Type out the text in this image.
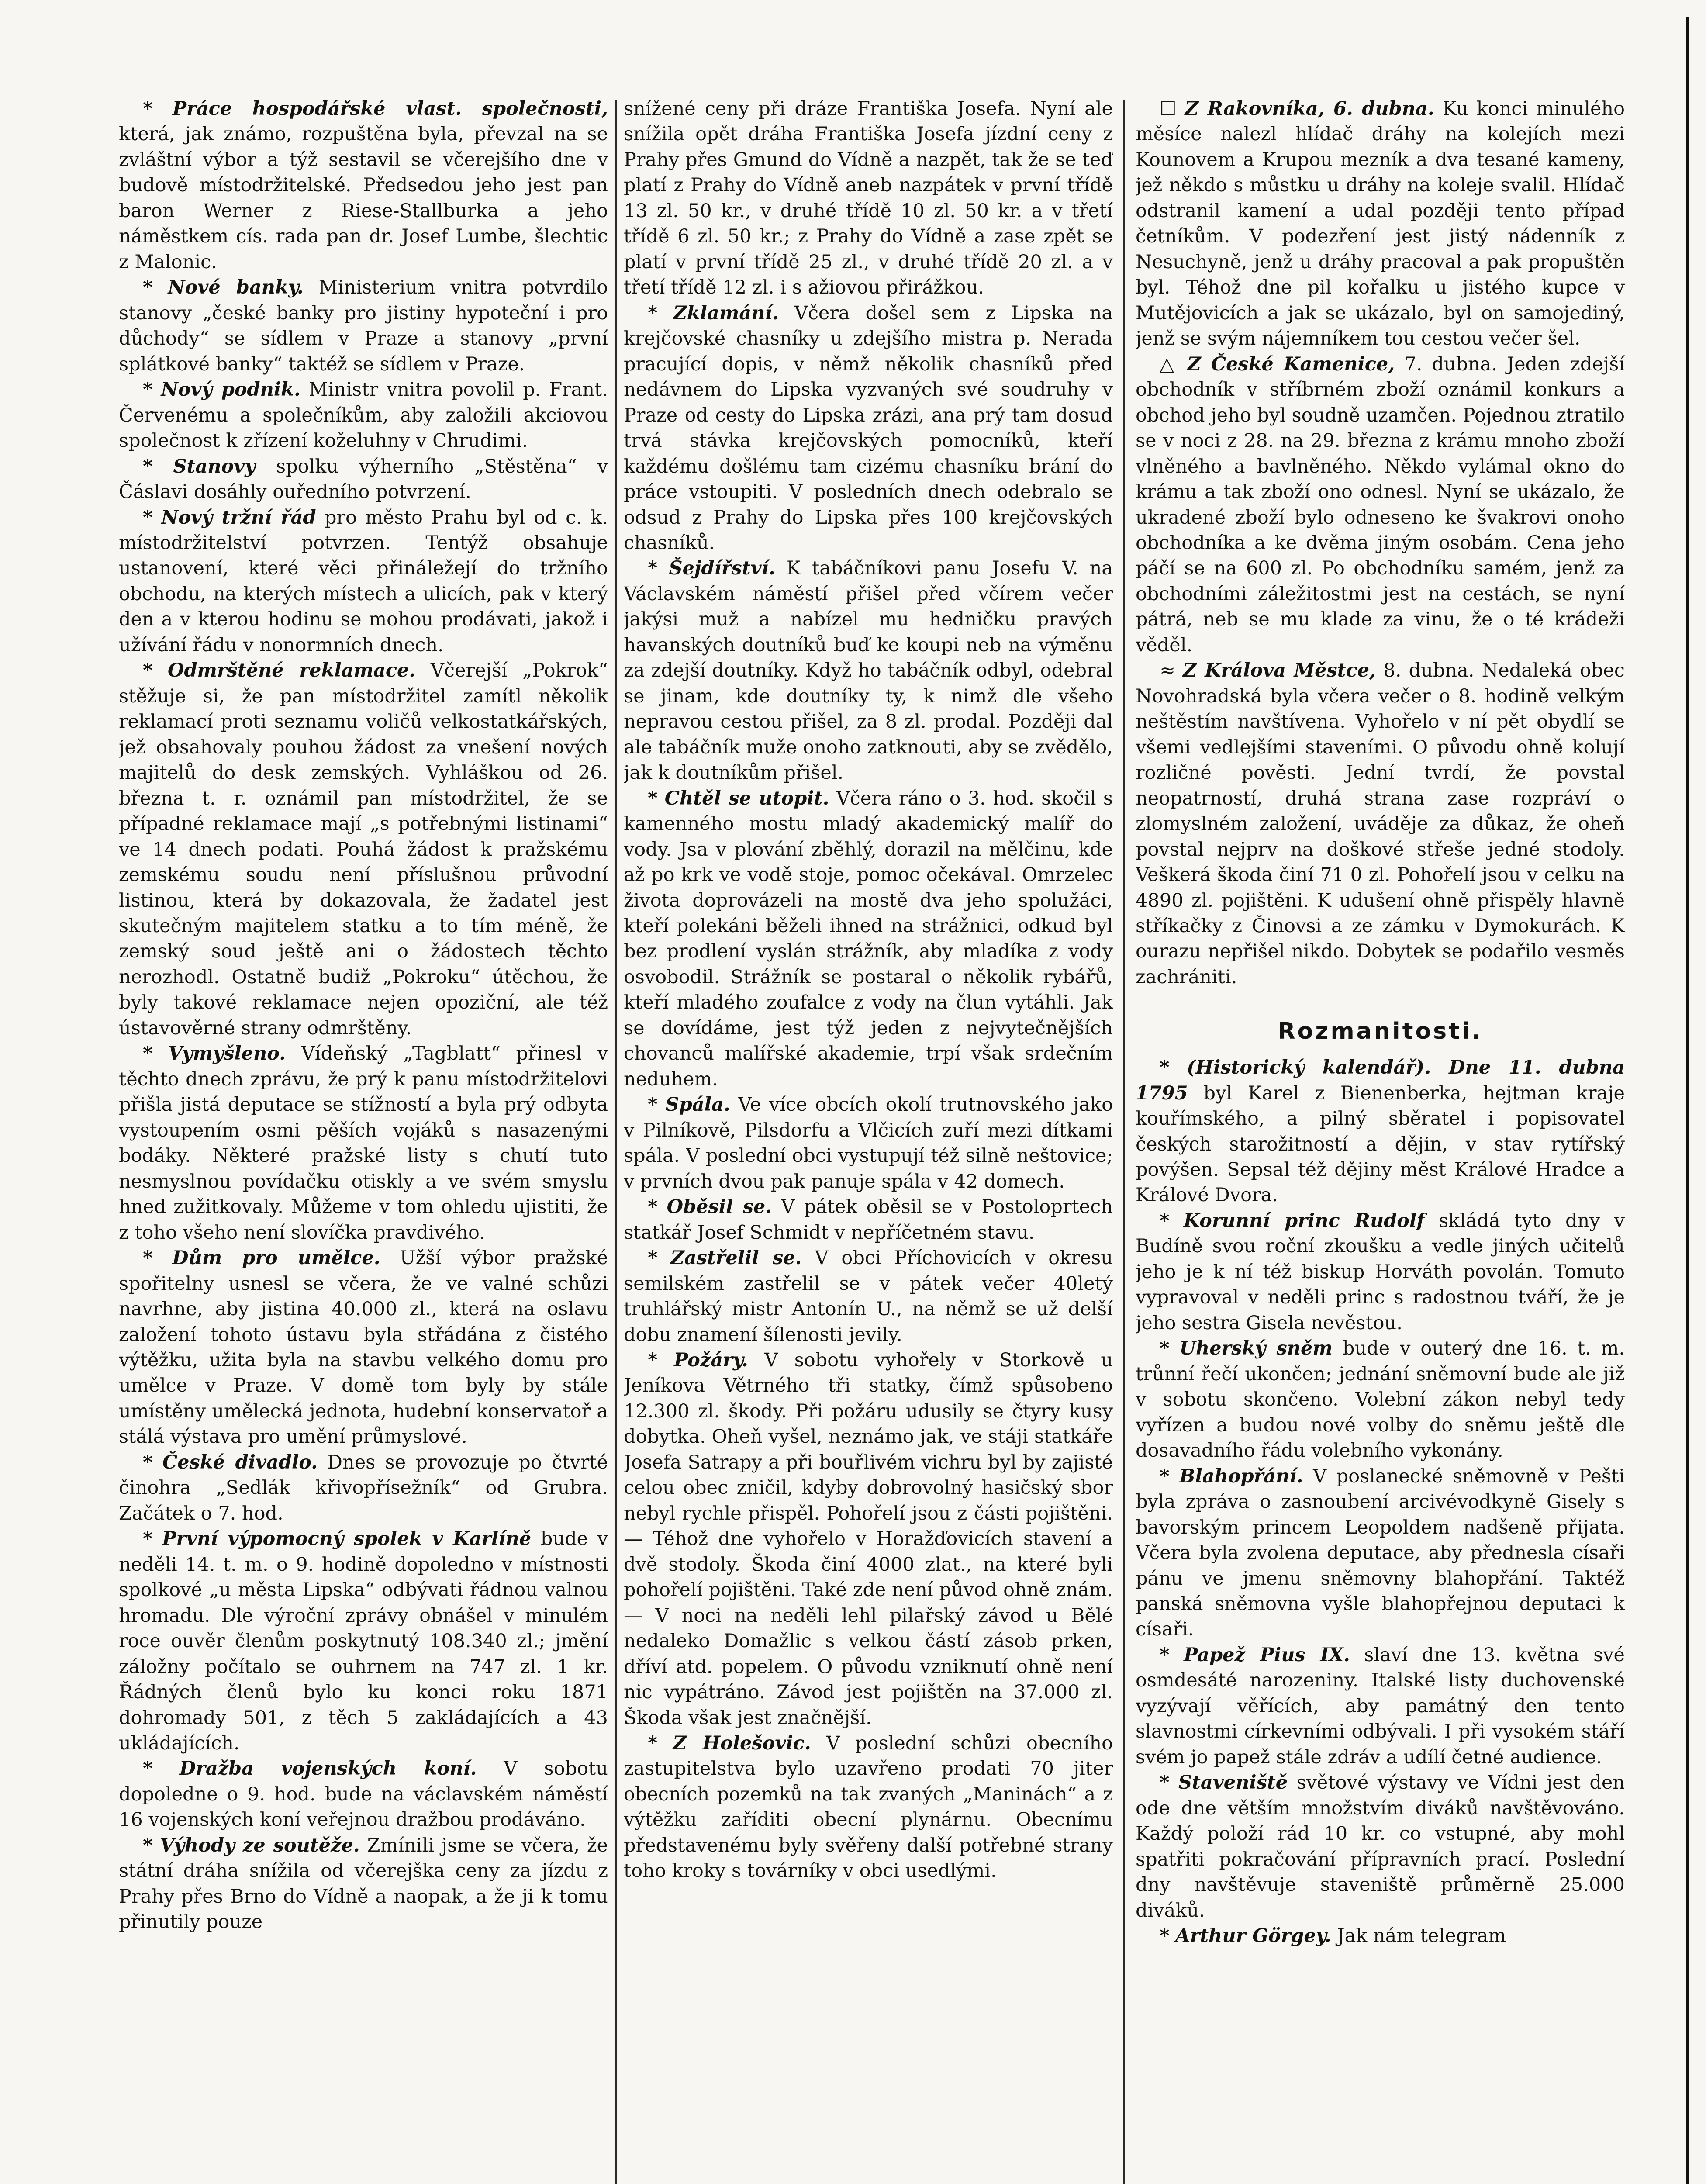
* Práce hospodářské vlast. společnosti, která, jak známo, rozpuštěna byla, převzal na se zvláštní výbor a týž sestavil se včerejšího dne v budově místodržitelské. Předsedou jeho jest pan baron Werner z Riese-Stallburka a jeho náměstkem cís. rada pan dr. Josef Lumbe, šlechtic z Malonic.

* Nové banky. Ministerium vnitra potvrdilo stanovy „české banky pro jistiny hypoteční i pro důchody“ se sídlem v Praze a stanovy „první splátkové banky“ taktéž se sídlem v Praze.

* Nový podnik. Ministr vnitra povolil p. Frant. Červenému a společníkům, aby založili akciovou společnost k zřízení koželuhny v Chrudimi.

* Stanovy spolku výherního „Stěstěna“ v Čáslavi dosáhly ouředního potvrzení.

* Nový tržní řád pro město Prahu byl od c. k. místodržitelství potvrzen. Tentýž obsahuje ustanovení, které věci přináležejí do tržního obchodu, na kterých místech a ulicích, pak v který den a v kterou hodinu se mohou prodávati, jakož i užívání řádu v nonormních dnech.

* Odmrštěné reklamace. Včerejší „Pokrok“ stěžuje si, že pan místodržitel zamítl několik reklamací proti seznamu voličů velkostatkářských, jež obsahovaly pouhou žádost za vnešení nových majitelů do desk zemských. Vyhláškou od 26. března t. r. oznámil pan místodržitel, že se případné reklamace mají „s potřebnými listinami“ ve 14 dnech podati. Pouhá žádost k pražskému zemskému soudu není příslušnou průvodní listinou, která by dokazovala, že žadatel jest skutečným majitelem statku a to tím méně, že zemský soud ještě ani o žádostech těchto nerozhodl. Ostatně budiž „Pokroku“ útěchou, že byly takové reklamace nejen opoziční, ale též ústavověrné strany odmrštěny.

* Vymyšleno. Vídeňský „Tagblatt“ přinesl v těchto dnech zprávu, že prý k panu místodržitelovi přišla jistá deputace se stížností a byla prý odbyta vystoupením osmi pěších vojáků s nasazenými bodáky. Některé pražské listy s chutí tuto nesmyslnou povídačku otiskly a ve svém smyslu hned zužitkovaly. Můžeme v tom ohledu ujistiti, že z toho všeho není slovíčka pravdivého.

* Dům pro umělce. Užší výbor pražské spořitelny usnesl se včera, že ve valné schůzi navrhne, aby jistina 40.000 zl., která na oslavu založení tohoto ústavu byla střádána z čistého výtěžku, užita byla na stavbu velkého domu pro umělce v Praze. V domě tom byly by stále umístěny umělecká jednota, hudební konservatoř a stálá výstava pro umění průmyslové.

* České divadlo. Dnes se provozuje po čtvrté činohra „Sedlák křivopřísežník“ od Grubra. Začátek o 7. hod.

* První výpomocný spolek v Karlíně bude v neděli 14. t. m. o 9. hodině dopoledno v místnosti spolkové „u města Lipska“ odbývati řádnou valnou hromadu. Dle výroční zprávy obnášel v minulém roce ouvěr členům poskytnutý 108.340 zl.; jmění záložny počítalo se ouhrnem na 747 zl. 1 kr. Řádných členů bylo ku konci roku 1871 dohromady 501, z těch 5 zakládajících a 43 ukládajících.

* Dražba vojenských koní. V sobotu dopoledne o 9. hod. bude na václavském náměstí 16 vojenských koní veřejnou dražbou prodáváno.

* Výhody ze soutěže. Zmínili jsme se včera, že státní dráha snížila od včerejška ceny za jízdu z Prahy přes Brno do Vídně a naopak, a že ji k tomu přinutily pouze

snížené ceny při dráze Františka Josefa. Nyní ale snížila opět dráha Františka Josefa jízdní ceny z Prahy přes Gmund do Vídně a nazpět, tak že se teď platí z Prahy do Vídně aneb nazpátek v první třídě 13 zl. 50 kr., v druhé třídě 10 zl. 50 kr. a v třetí třídě 6 zl. 50 kr.; z Prahy do Vídně a zase zpět se platí v první třídě 25 zl., v druhé třídě 20 zl. a v třetí třídě 12 zl. i s ažiovou přirážkou.

* Zklamání. Včera došel sem z Lipska na krejčovské chasníky u zdejšího mistra p. Nerada pracující dopis, v němž několik chasníků před nedávnem do Lipska vyzvaných své soudruhy v Praze od cesty do Lipska zrázi, ana prý tam dosud trvá stávka krejčovských pomocníků, kteří každému došlému tam cizému chasníku brání do práce vstoupiti. V posledních dnech odebralo se odsud z Prahy do Lipska přes 100 krejčovských chasníků.

* Šejdířství. K tabáčníkovi panu Josefu V. na Václavském náměstí přišel před včírem večer jakýsi muž a nabízel mu hedničku pravých havanských doutníků buď ke koupi neb na výměnu za zdejší doutníky. Když ho tabáčník odbyl, odebral se jinam, kde doutníky ty, k nimž dle všeho nepravou cestou přišel, za 8 zl. prodal. Později dal ale tabáčník muže onoho zatknouti, aby se zvědělo, jak k doutníkům přišel.

* Chtěl se utopit. Včera ráno o 3. hod. skočil s kamenného mostu mladý akademický malíř do vody. Jsa v plování zběhlý, dorazil na mělčinu, kde až po krk ve vodě stoje, pomoc očekával. Omrzelec života doprovázeli na mostě dva jeho spolužáci, kteří polekáni běželi ihned na strážnici, odkud byl bez prodlení vyslán strážník, aby mladíka z vody osvobodil. Strážník se postaral o několik rybářů, kteří mladého zoufalce z vody na člun vytáhli. Jak se dovídáme, jest týž jeden z nejvytečnějších chovanců malířské akademie, trpí však srdečním neduhem.

* Spála. Ve více obcích okolí trutnovského jako v Pilníkově, Pilsdorfu a Vlčicích zuří mezi dítkami spála. V poslední obci vystupují též silně neštovice; v prvních dvou pak panuje spála v 42 domech.

* Oběsil se. V pátek oběsil se v Postoloprtech statkář Josef Schmidt v nepříčetném stavu.

* Zastřelil se. V obci Příchovicích v okresu semilském zastřelil se v pátek večer 40letý truhlářský mistr Antonín U., na němž se už delší dobu znamení šílenosti jevily.

* Požáry. V sobotu vyhořely v Storkově u Jeníkova Větrného tři statky, čímž spůsobeno 12.300 zl. škody. Při požáru udusily se čtyry kusy dobytka. Oheň vyšel, neznámo jak, ve stáji statkáře Josefa Satrapy a při bouřlivém vichru byl by zajisté celou obec zničil, kdyby dobrovolný hasičský sbor nebyl rychle přispěl. Pohořelí jsou z části pojištěni. — Téhož dne vyhořelo v Horažďovicích stavení a dvě stodoly. Škoda činí 4000 zlat., na které byli pohořelí pojištěni. Také zde není původ ohně znám. — V noci na neděli lehl pilařský závod u Bělé nedaleko Domažlic s velkou částí zásob prken, dříví atd. popelem. O původu vzniknutí ohně není nic vypátráno. Závod jest pojištěn na 37.000 zl. Škoda však jest značnější.

* Z Holešovic. V poslední schůzi obecního zastupitelstva bylo uzavřeno prodati 70 jiter obecních pozemků na tak zvaných „Maninách“ a z výtěžku zaříditi obecní plynárnu. Obecnímu představenému byly svěřeny další potřebné strany toho kroky s továrníky v obci usedlými.

☐ Z Rakovníka, 6. dubna. Ku konci minulého měsíce nalezl hlídač dráhy na kolejích mezi Kounovem a Krupou mezník a dva tesané kameny, jež někdo s můstku u dráhy na koleje svalil. Hlídač odstranil kamení a udal později tento případ četníkům. V podezření jest jistý nádenník z Nesuchyně, jenž u dráhy pracoval a pak propuštěn byl. Téhož dne pil kořalku u jistého kupce v Mutějovicích a jak se ukázalo, byl on samojediný, jenž se svým nájemníkem tou cestou večer šel.

△ Z České Kamenice, 7. dubna. Jeden zdejší obchodník v stříbrném zboží oznámil konkurs a obchod jeho byl soudně uzamčen. Pojednou ztratilo se v noci z 28. na 29. března z krámu mnoho zboží vlněného a bavlněného. Někdo vylámal okno do krámu a tak zboží ono odnesl. Nyní se ukázalo, že ukradené zboží bylo odneseno ke švakrovi onoho obchodníka a ke dvěma jiným osobám. Cena jeho páčí se na 600 zl. Po obchodníku samém, jenž za obchodními záležitostmi jest na cestách, se nyní pátrá, neb se mu klade za vinu, že o té krádeži věděl.

≈ Z Králova Městce, 8. dubna. Nedaleká obec Novohradská byla včera večer o 8. hodině velkým neštěstím navštívena. Vyhořelo v ní pět obydlí se všemi vedlejšími staveními. O původu ohně kolují rozličné pověsti. Jední tvrdí, že povstal neopatrností, druhá strana zase rozpráví o zlomyslném založení, uváděje za důkaz, že oheň povstal nejprv na doškové střeše jedné stodoly. Veškerá škoda činí 71 0 zl. Pohořelí jsou v celku na 4890 zl. pojištěni. K udušení ohně přispěly hlavně stříkačky z Činovsi a ze zámku v Dymokurách. K ourazu nepřišel nikdo. Dobytek se podařilo vesměs zachrániti.

Rozmanitosti.

* (Historický kalendář). Dne 11. dubna 1795 byl Karel z Bienenberka, hejtman kraje kouřímského, a pilný sběratel i popisovatel českých starožitností a dějin, v stav rytířský povýšen. Sepsal též dějiny měst Králové Hradce a Králové Dvora.

* Korunní princ Rudolf skládá tyto dny v Budíně svou roční zkoušku a vedle jiných učitelů jeho je k ní též biskup Horváth povolán. Tomuto vypravoval v neděli princ s radostnou tváří, že je jeho sestra Gisela nevěstou.

* Uherský sněm bude v outerý dne 16. t. m. trůnní řečí ukončen; jednání sněmovní bude ale již v sobotu skončeno. Volební zákon nebyl tedy vyřízen a budou nové volby do sněmu ještě dle dosavadního řádu volebního vykonány.

* Blahopřání. V poslanecké sněmovně v Pešti byla zpráva o zasnoubení arcivévodkyně Gisely s bavorským princem Leopoldem nadšeně přijata. Včera byla zvolena deputace, aby přednesla císaři pánu ve jmenu sněmovny blahopřání. Taktéž panská sněmovna vyšle blahopřejnou deputaci k císaři.

* Papež Pius IX. slaví dne 13. května své osmdesáté narozeniny. Italské listy duchovenské vyzývají věřících, aby památný den tento slavnostmi církevními odbývali. I při vysokém stáří svém jo papež stále zdráv a udílí četné audience.

* Staveniště světové výstavy ve Vídni jest den ode dne větším množstvím diváků navštěvováno. Každý položí rád 10 kr. co vstupné, aby mohl spatřiti pokračování přípravních prací. Poslední dny navštěvuje staveniště průměrně 25.000 diváků.

* Arthur Görgey. Jak nám telegram
